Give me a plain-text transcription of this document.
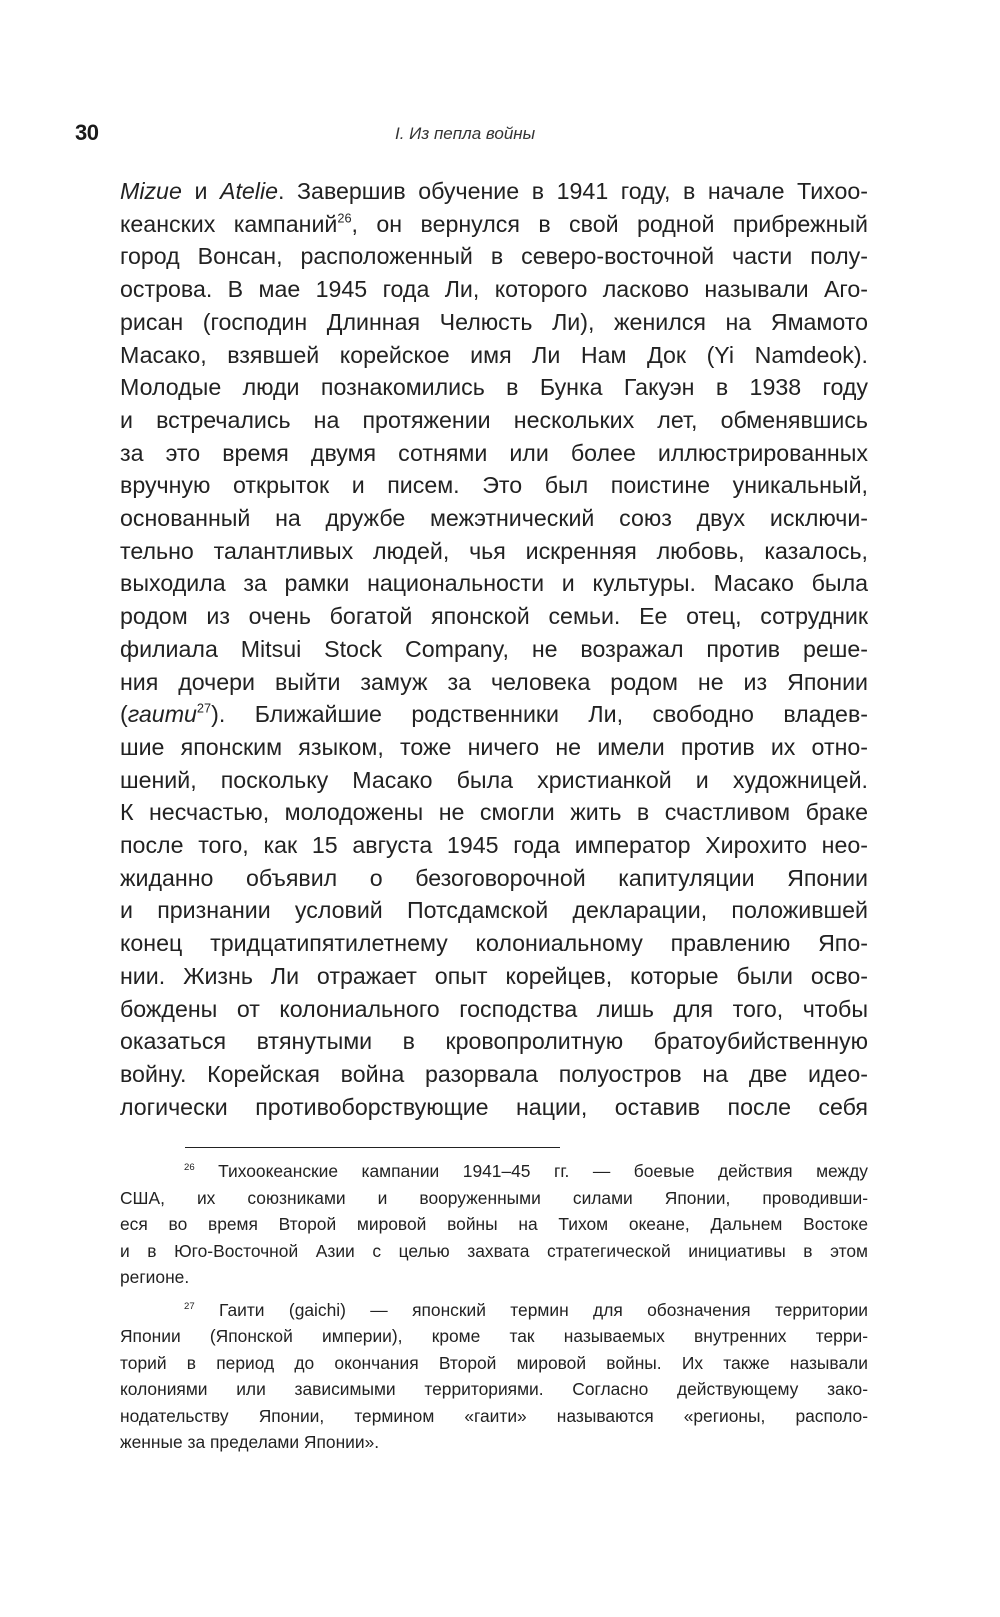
30	I. Из пепла войны
Mizue и Atelie. Завершив обучение в 1941 году, в начале Тихоо-
кеанских кампаний$^{26}$, он вернулся в свой родной прибрежный
город Вонсан, расположенный в северо-восточной части полу-
острова. В мае 1945 года Ли, которого ласково называли Аго-
рисан (господин Длинная Челюсть Ли), женился на Ямамото
Масако, взявшей корейское имя Ли Нам Док (Yi Namdeok).
Молодые люди познакомились в Бунка Гакуэн в 1938 году
и встречались на протяжении нескольких лет, обменявшись
за это время двумя сотнями или более иллюстрированных
вручную открыток и писем. Это был поистине уникальный,
основанный на дружбе межэтнический союз двух исключи-
тельно талантливых людей, чья искренняя любовь, казалось,
выходила за рамки национальности и культуры. Масако была
родом из очень богатой японской семьи. Ее отец, сотрудник
филиала Mitsui Stock Company, не возражал против реше-
ния дочери выйти замуж за человека родом не из Японии
(гаити$^{27}$). Ближайшие родственники Ли, свободно владев-
шие японским языком, тоже ничего не имели против их отно-
шений, поскольку Масако была христианкой и художницей.
К несчастью, молодожены не смогли жить в счастливом браке
после того, как 15 августа 1945 года император Хирохито нео-
жиданно объявил о безоговорочной капитуляции Японии
и признании условий Потсдамской декларации, положившей
конец тридцатипятилетнему колониальному правлению Япо-
нии. Жизнь Ли отражает опыт корейцев, которые были осво-
бождены от колониального господства лишь для того, чтобы
оказаться втянутыми в кровопролитную братоубийственную
войну. Корейская война разорвала полуостров на две идео-
логически противоборствующие нации, оставив после себя
$^{26}$ Тихоокеанские кампании 1941–45 гг. — боевые действия между
США, их союзниками и вооруженными силами Японии, проводивши-
еся во время Второй мировой войны на Тихом океане, Дальнем Востоке
и в Юго-Восточной Азии с целью захвата стратегической инициативы в этом
регионе.
$^{27}$ Гаити (gaichi) — японский термин для обозначения территории
Японии (Японской империи), кроме так называемых внутренних терри-
торий в период до окончания Второй мировой войны. Их также называли
колониями или зависимыми территориями. Согласно действующему зако-
нодательству Японии, термином «гаити» называются «регионы, располо-
женные за пределами Японии».
